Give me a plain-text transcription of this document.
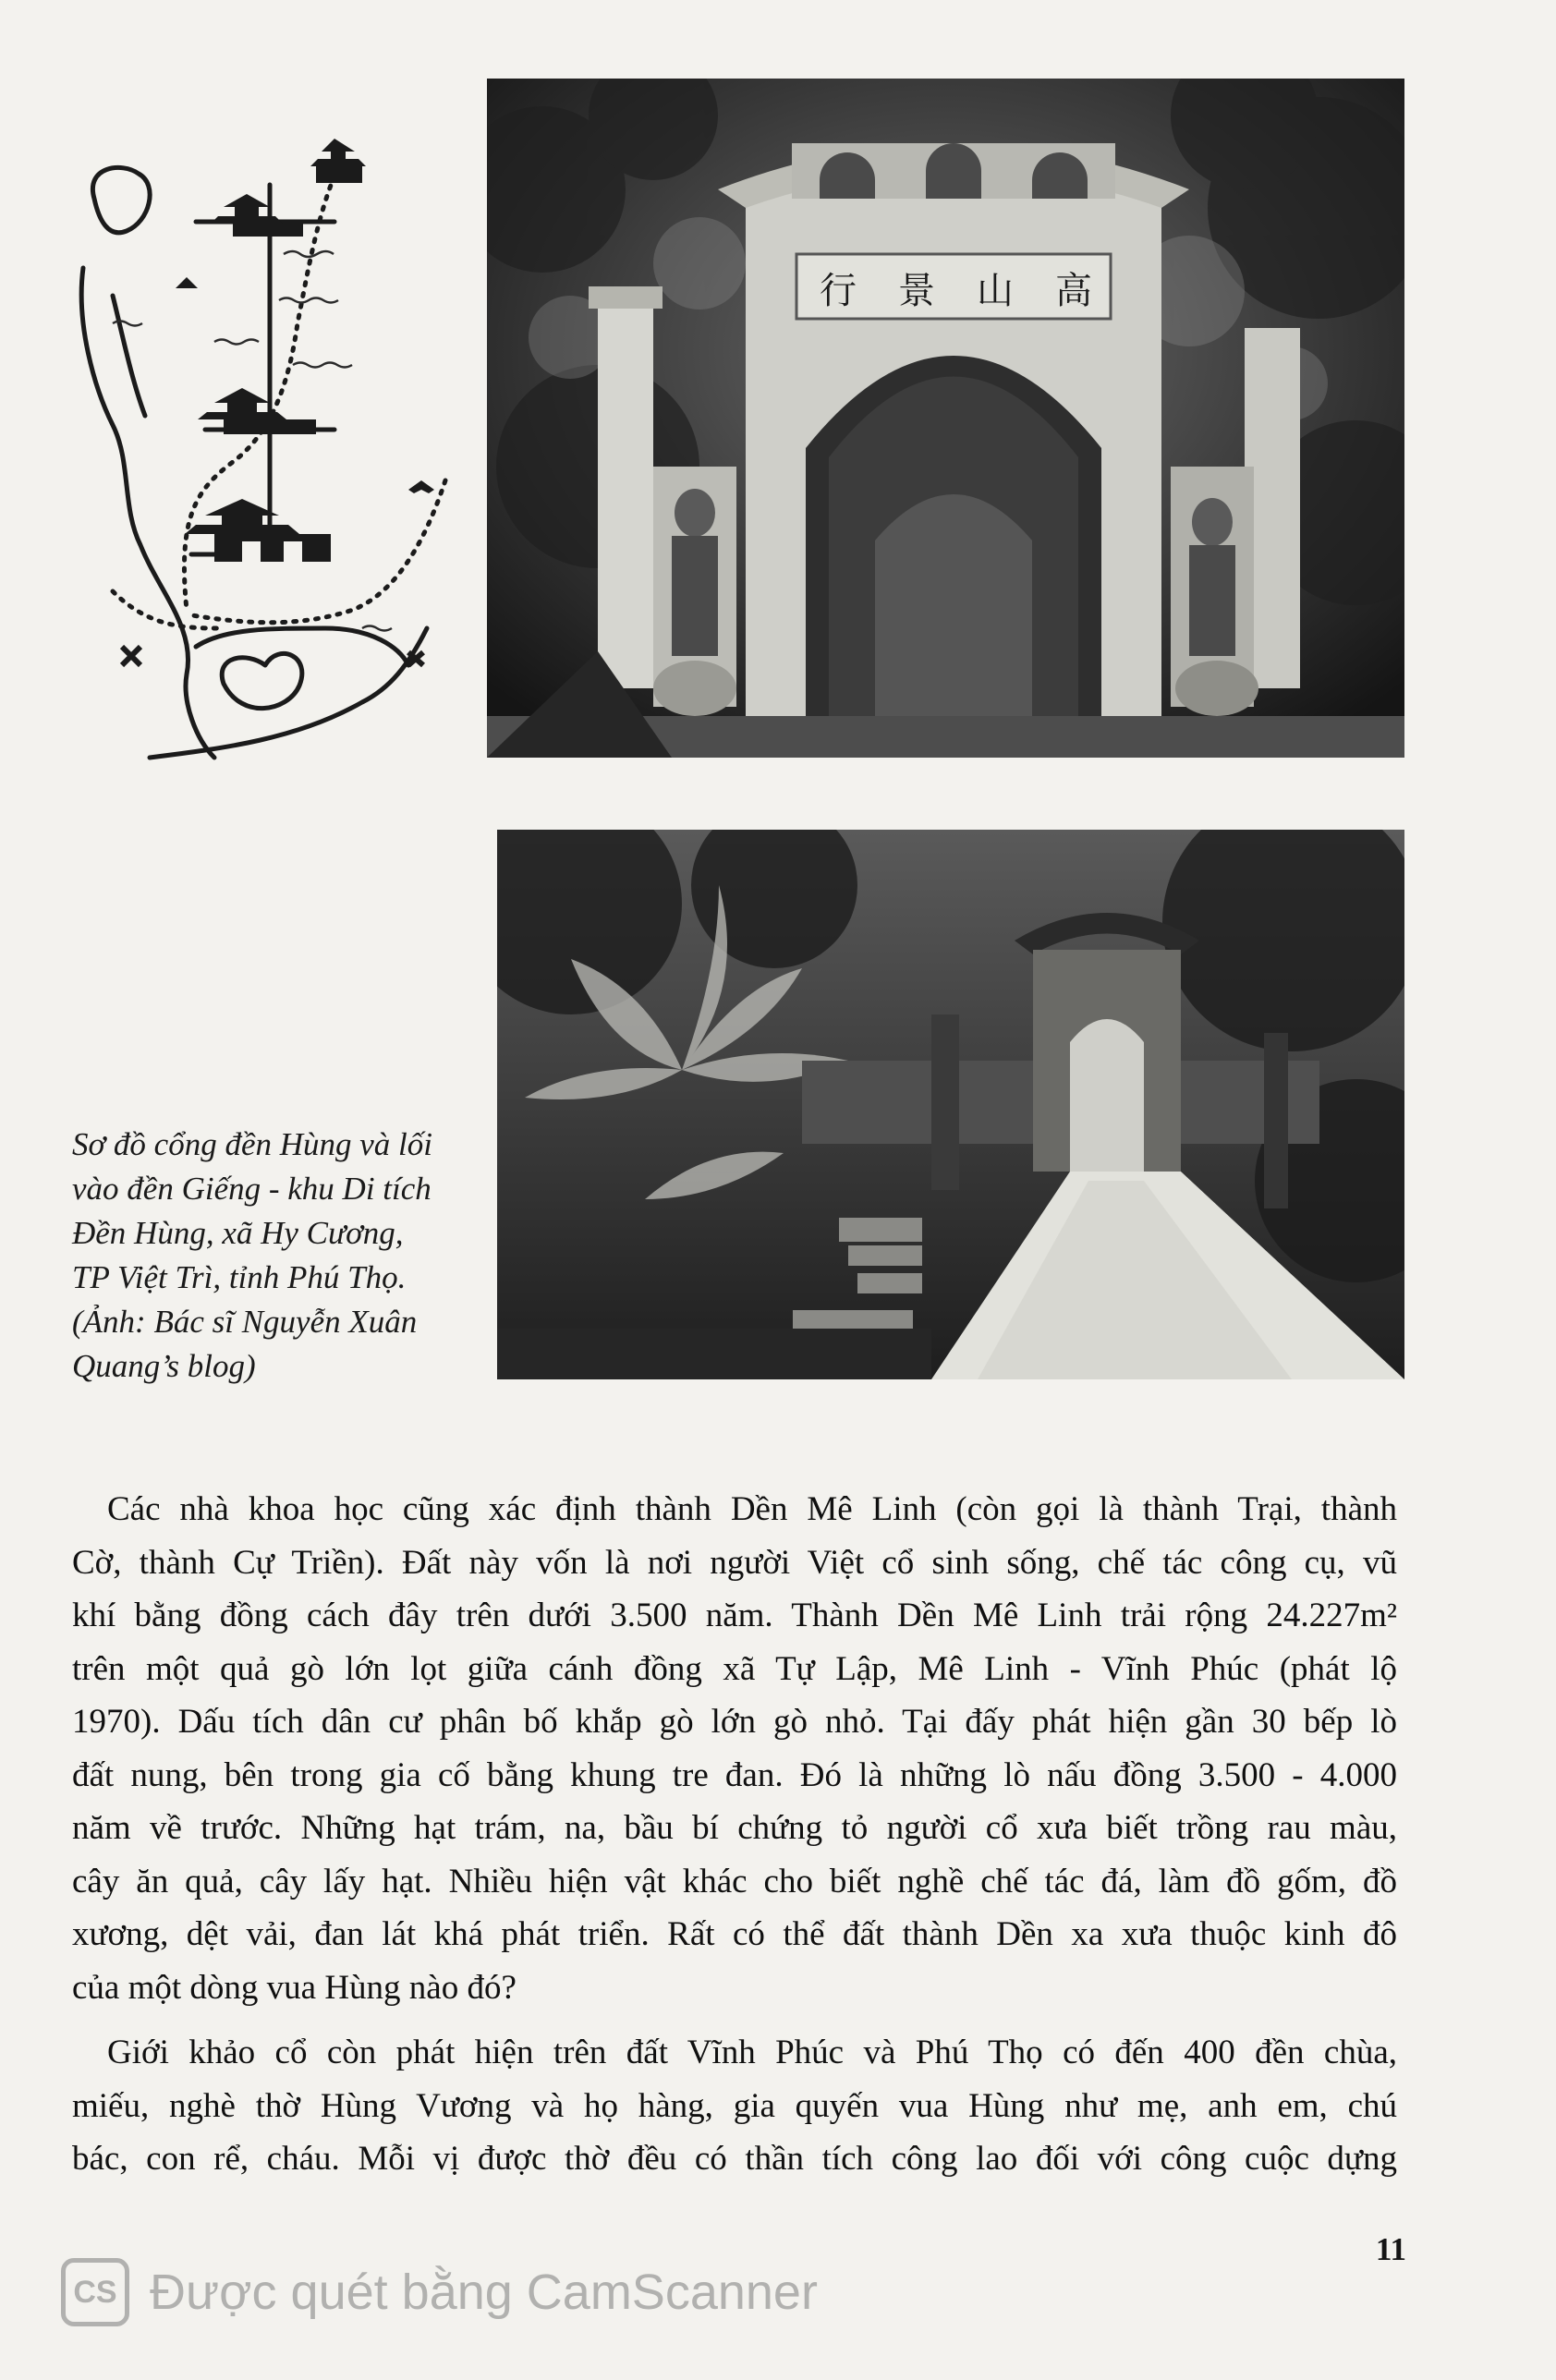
行 景 山 高
Sơ đồ cổng đền Hùng và lối
vào đền Giếng - khu Di tích
Đền Hùng, xã Hy Cương,
TP Việt Trì, tỉnh Phú Thọ.
(Ảnh: Bác sĩ Nguyễn Xuân
Quang’s blog)

Các nhà khoa học cũng xác định thành Dền Mê Linh (còn gọi là thành Trại, thành
Cờ, thành Cự Triền). Đất này vốn là nơi người Việt cổ sinh sống, chế tác công cụ, vũ
khí bằng đồng cách đây trên dưới 3.500 năm. Thành Dền Mê Linh trải rộng 24.227m²
trên một quả gò lớn lọt giữa cánh đồng xã Tự Lập, Mê Linh - Vĩnh Phúc (phát lộ
1970). Dấu tích dân cư phân bố khắp gò lớn gò nhỏ. Tại đấy phát hiện gần 30 bếp lò
đất nung, bên trong gia cố bằng khung tre đan. Đó là những lò nấu đồng 3.500 - 4.000
năm về trước. Những hạt trám, na, bầu bí chứng tỏ người cổ xưa biết trồng rau màu,
cây ăn quả, cây lấy hạt. Nhiều hiện vật khác cho biết nghề chế tác đá, làm đồ gốm, đồ
xương, dệt vải, đan lát khá phát triển. Rất có thể đất thành Dền xa xưa thuộc kinh đô
của một dòng vua Hùng nào đó?

Giới khảo cổ còn phát hiện trên đất Vĩnh Phúc và Phú Thọ có đến 400 đền chùa,
miếu, nghè thờ Hùng Vương và họ hàng, gia quyến vua Hùng như mẹ, anh em, chú
bác, con rể, cháu. Mỗi vị được thờ đều có thần tích công lao đối với công cuộc dựng

11
CS Được quét bằng CamScanner
